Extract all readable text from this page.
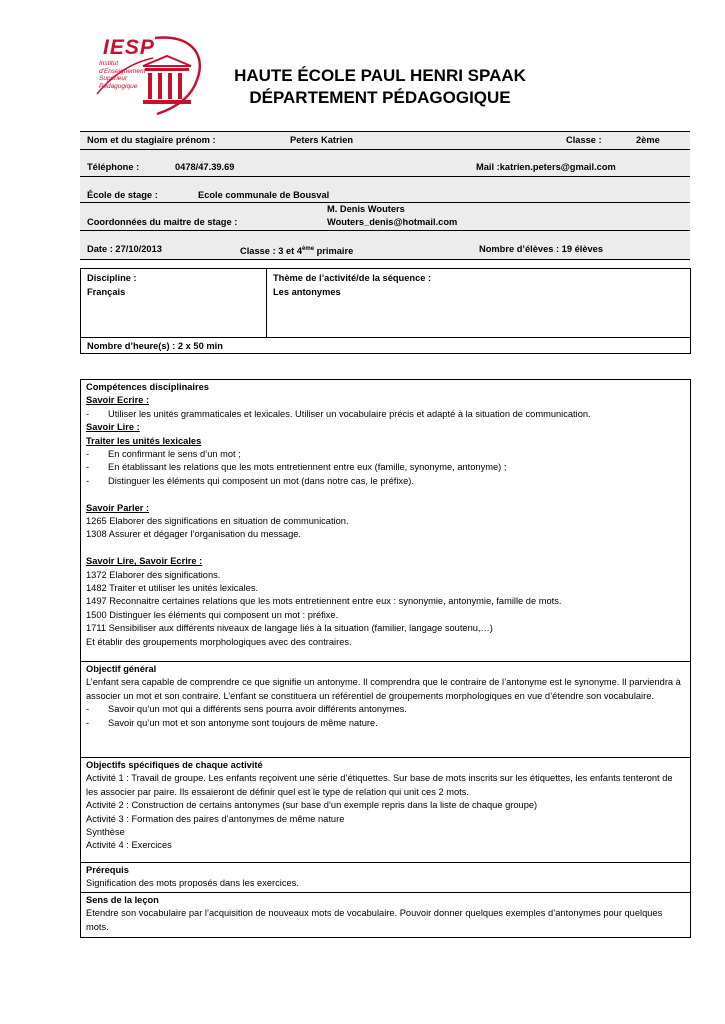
IESP
Institut
d'Enseignement
Supérieur
Pédagogique
HAUTE ÉCOLE PAUL HENRI SPAAK
DÉPARTEMENT PÉDAGOGIQUE
Nom et du stagiaire prénom :	Peters Katrien	Classe :	2ème
Téléphone :	0478/47.39.69	Mail :katrien.peters@gmail.com
École de stage :	Ecole communale de Bousval
M. Denis Wouters
Coordonnées du maitre de stage :	Wouters_denis@hotmail.com
Date : 27/10/2013	Classe : 3 et 4ème primaire	Nombre d’élèves : 19 élèves
Discipline :
Français
Thème de l’activité/de la séquence :
Les antonymes
Nombre d’heure(s) : 2 x 50 min
Compétences disciplinaires
Savoir Ecrire :
-	Utiliser les unités grammaticales et lexicales. Utiliser un vocabulaire précis et adapté à la situation de communication.
Savoir Lire :
Traiter les unités lexicales
-	En confirmant le sens d’un mot ;
-	En établissant les relations que les mots entretiennent entre eux (famille, synonyme, antonyme) ;
-	Distinguer les éléments qui composent un mot (dans notre cas, le préfixe).
Savoir Parler :
1265 Elaborer des significations en situation de communication.
1308 Assurer et dégager l’organisation du message.
Savoir Lire, Savoir Ecrire :
1372 Elaborer des significations.
1482 Traiter et utiliser les unités lexicales.
1497 Reconnaitre certaines relations que les mots entretiennent entre eux : synonymie, antonymie, famille de mots.
1500 Distinguer les éléments qui composent un mot : préfixe.
1711 Sensibiliser aux différents niveaux de langage liés à la situation (familier, langage soutenu,…)
Et établir des groupements morphologiques avec des contraires.
Objectif général
L’enfant sera capable de comprendre ce que signifie un antonyme. Il comprendra que le contraire de l’antonyme est le synonyme. Il parviendra à associer un mot et son contraire. L’enfant se constituera un référentiel de groupements morphologiques en vue d’étendre son vocabulaire.
-	Savoir qu’un mot qui a différents sens pourra avoir différents antonymes.
-	Savoir qu’un mot et son antonyme sont toujours de même nature.
Objectifs spécifiques de chaque activité
Activité 1 : Travail de groupe. Les enfants reçoivent une série d’étiquettes. Sur base de mots inscrits sur les étiquettes, les enfants tenteront de les associer par paire. Ils essaieront de définir quel est le type de relation qui unit ces 2 mots.
Activité 2 : Construction de certains antonymes (sur base d’un exemple repris dans la liste de chaque groupe)
Activité 3 : Formation des paires d’antonymes de même nature
Synthèse
Activité 4 : Exercices
Prérequis
Signification des mots proposés dans les exercices.
Sens de la leçon
Etendre son vocabulaire par l’acquisition de nouveaux mots de vocabulaire. Pouvoir donner quelques exemples d’antonymes pour quelques mots.
